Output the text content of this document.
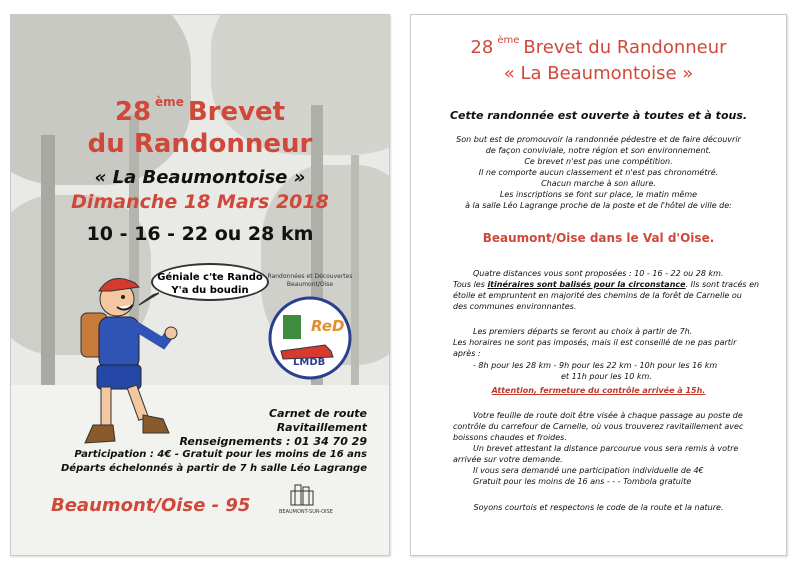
28 $^{ème}$ Brevet
du Randonneur
« La Beaumontoise »
Dimanche 18 Mars 2018
10 - 16 - 22 ou 28 km
Géniale c'te Rando
Y'a du boudin
Randonnées et Découvertes
Beaumont/Oise
ReD
LMDB
Carnet de route
Ravitaillement
Renseignements : 01 34 70 29
Participation : 4€ - Gratuit pour les moins de 16 ans
Départs échelonnés à partir de 7 h salle Léo Lagrange
Beaumont/Oise - 95	BEAUMONT-SUR-OISE
28 $^{ème}$ Brevet du Randonneur
« La Beaumontoise »
Cette randonnée est ouverte à toutes et à tous.
Son but est de promouvoir la randonnée pédestre et de faire découvrir
de façon conviviale, notre région et son environnement.
Ce brevet n'est pas une compétition.
Il ne comporte aucun classement et n'est pas chronométré.
Chacun marche à son allure.
Les inscriptions se font sur place, le matin même
à la salle Léo Lagrange proche de la poste et de l'hôtel de ville de:
Beaumont/Oise dans le Val d'Oise.
Quatre distances vous sont proposées : 10 - 16 - 22 ou 28 km.
Tous les itinéraires sont balisés pour la circonstance. Ils sont tracés en
étoile et empruntent en majorité des chemins de la forêt de Carnelle ou
des communes environnantes.
Les premiers départs se feront au choix à partir de 7h.
Les horaires ne sont pas imposés, mais il est conseillé de ne pas partir
après :
- 8h pour les 28 km - 9h pour les 22 km - 10h pour les 16 km
et 11h pour les 10 km.
Attention, fermeture du contrôle arrivée à 15h.
Votre feuille de route doit être visée à chaque passage au poste de
contrôle du carrefour de Carnelle, où vous trouverez ravitaillement avec
boissons chaudes et froides.
Un brevet attestant la distance parcourue vous sera remis à votre
arrivée sur votre demande.
Il vous sera demandé une participation individuelle de 4€
Gratuit pour les moins de 16 ans - - - Tombola gratuite
Soyons courtois et respectons le code de la route et la nature.
